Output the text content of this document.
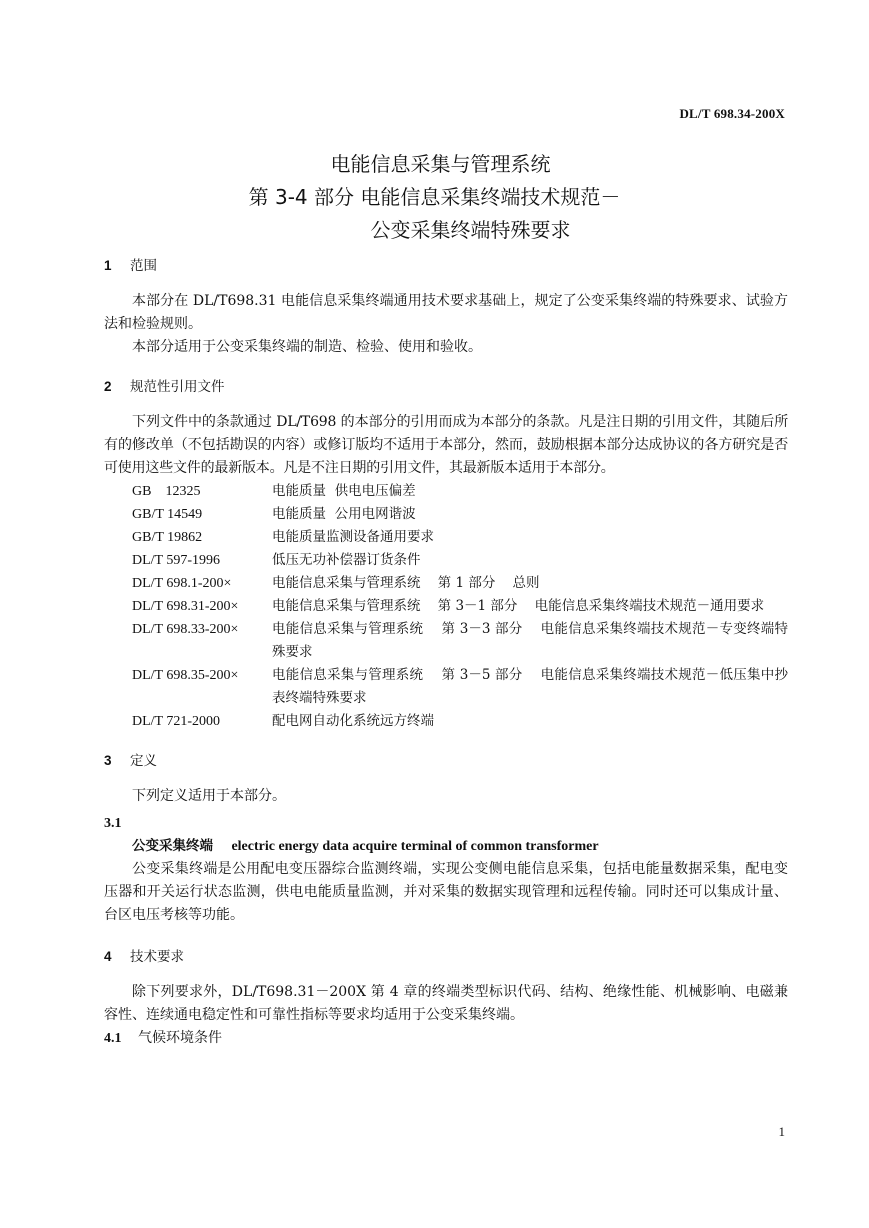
DL/T 698.34-200X
电能信息采集与管理系统
第 3-4 部分 电能信息采集终端技术规范－
公变采集终端特殊要求
1 范围

本部分在 DL/T698.31 电能信息采集终端通用技术要求基础上，规定了公变采集终端的特殊要求、试验方法和检验规则。

本部分适用于公变采集终端的制造、检验、使用和验收。

2 规范性引用文件

下列文件中的条款通过 DL/T698 的本部分的引用而成为本部分的条款。凡是注日期的引用文件，其随后所有的修改单（不包括勘误的内容）或修订版均不适用于本部分，然而，鼓励根据本部分达成协议的各方研究是否可使用这些文件的最新版本。凡是不注日期的引用文件，其最新版本适用于本部分。

GB    12325	电能质量  供电电压偏差
GB/T 14549	电能质量  公用电网谐波
GB/T 19862	电能质量监测设备通用要求
DL/T 597-1996	低压无功补偿器订货条件
DL/T 698.1-200×	电能信息采集与管理系统    第 1 部分    总则
DL/T 698.31-200×	电能信息采集与管理系统    第 3－1 部分    电能信息采集终端技术规范－通用要求
DL/T 698.33-200×	电能信息采集与管理系统    第 3－3 部分    电能信息采集终端技术规范－专变终端特殊要求
DL/T 698.35-200×	电能信息采集与管理系统    第 3－5 部分    电能信息采集终端技术规范－低压集中抄表终端特殊要求
DL/T 721-2000	配电网自动化系统远方终端
3 定义

下列定义适用于本部分。

3.1

公变采集终端 electric energy data acquire terminal of common transformer

公变采集终端是公用配电变压器综合监测终端，实现公变侧电能信息采集，包括电能量数据采集，配电变压器和开关运行状态监测，供电电能质量监测，并对采集的数据实现管理和远程传输。同时还可以集成计量、台区电压考核等功能。

4 技术要求

除下列要求外，DL/T698.31－200X 第 4 章的终端类型标识代码、结构、绝缘性能、机械影响、电磁兼容性、连续通电稳定性和可靠性指标等要求均适用于公变采集终端。

4.1 气候环境条件

1
